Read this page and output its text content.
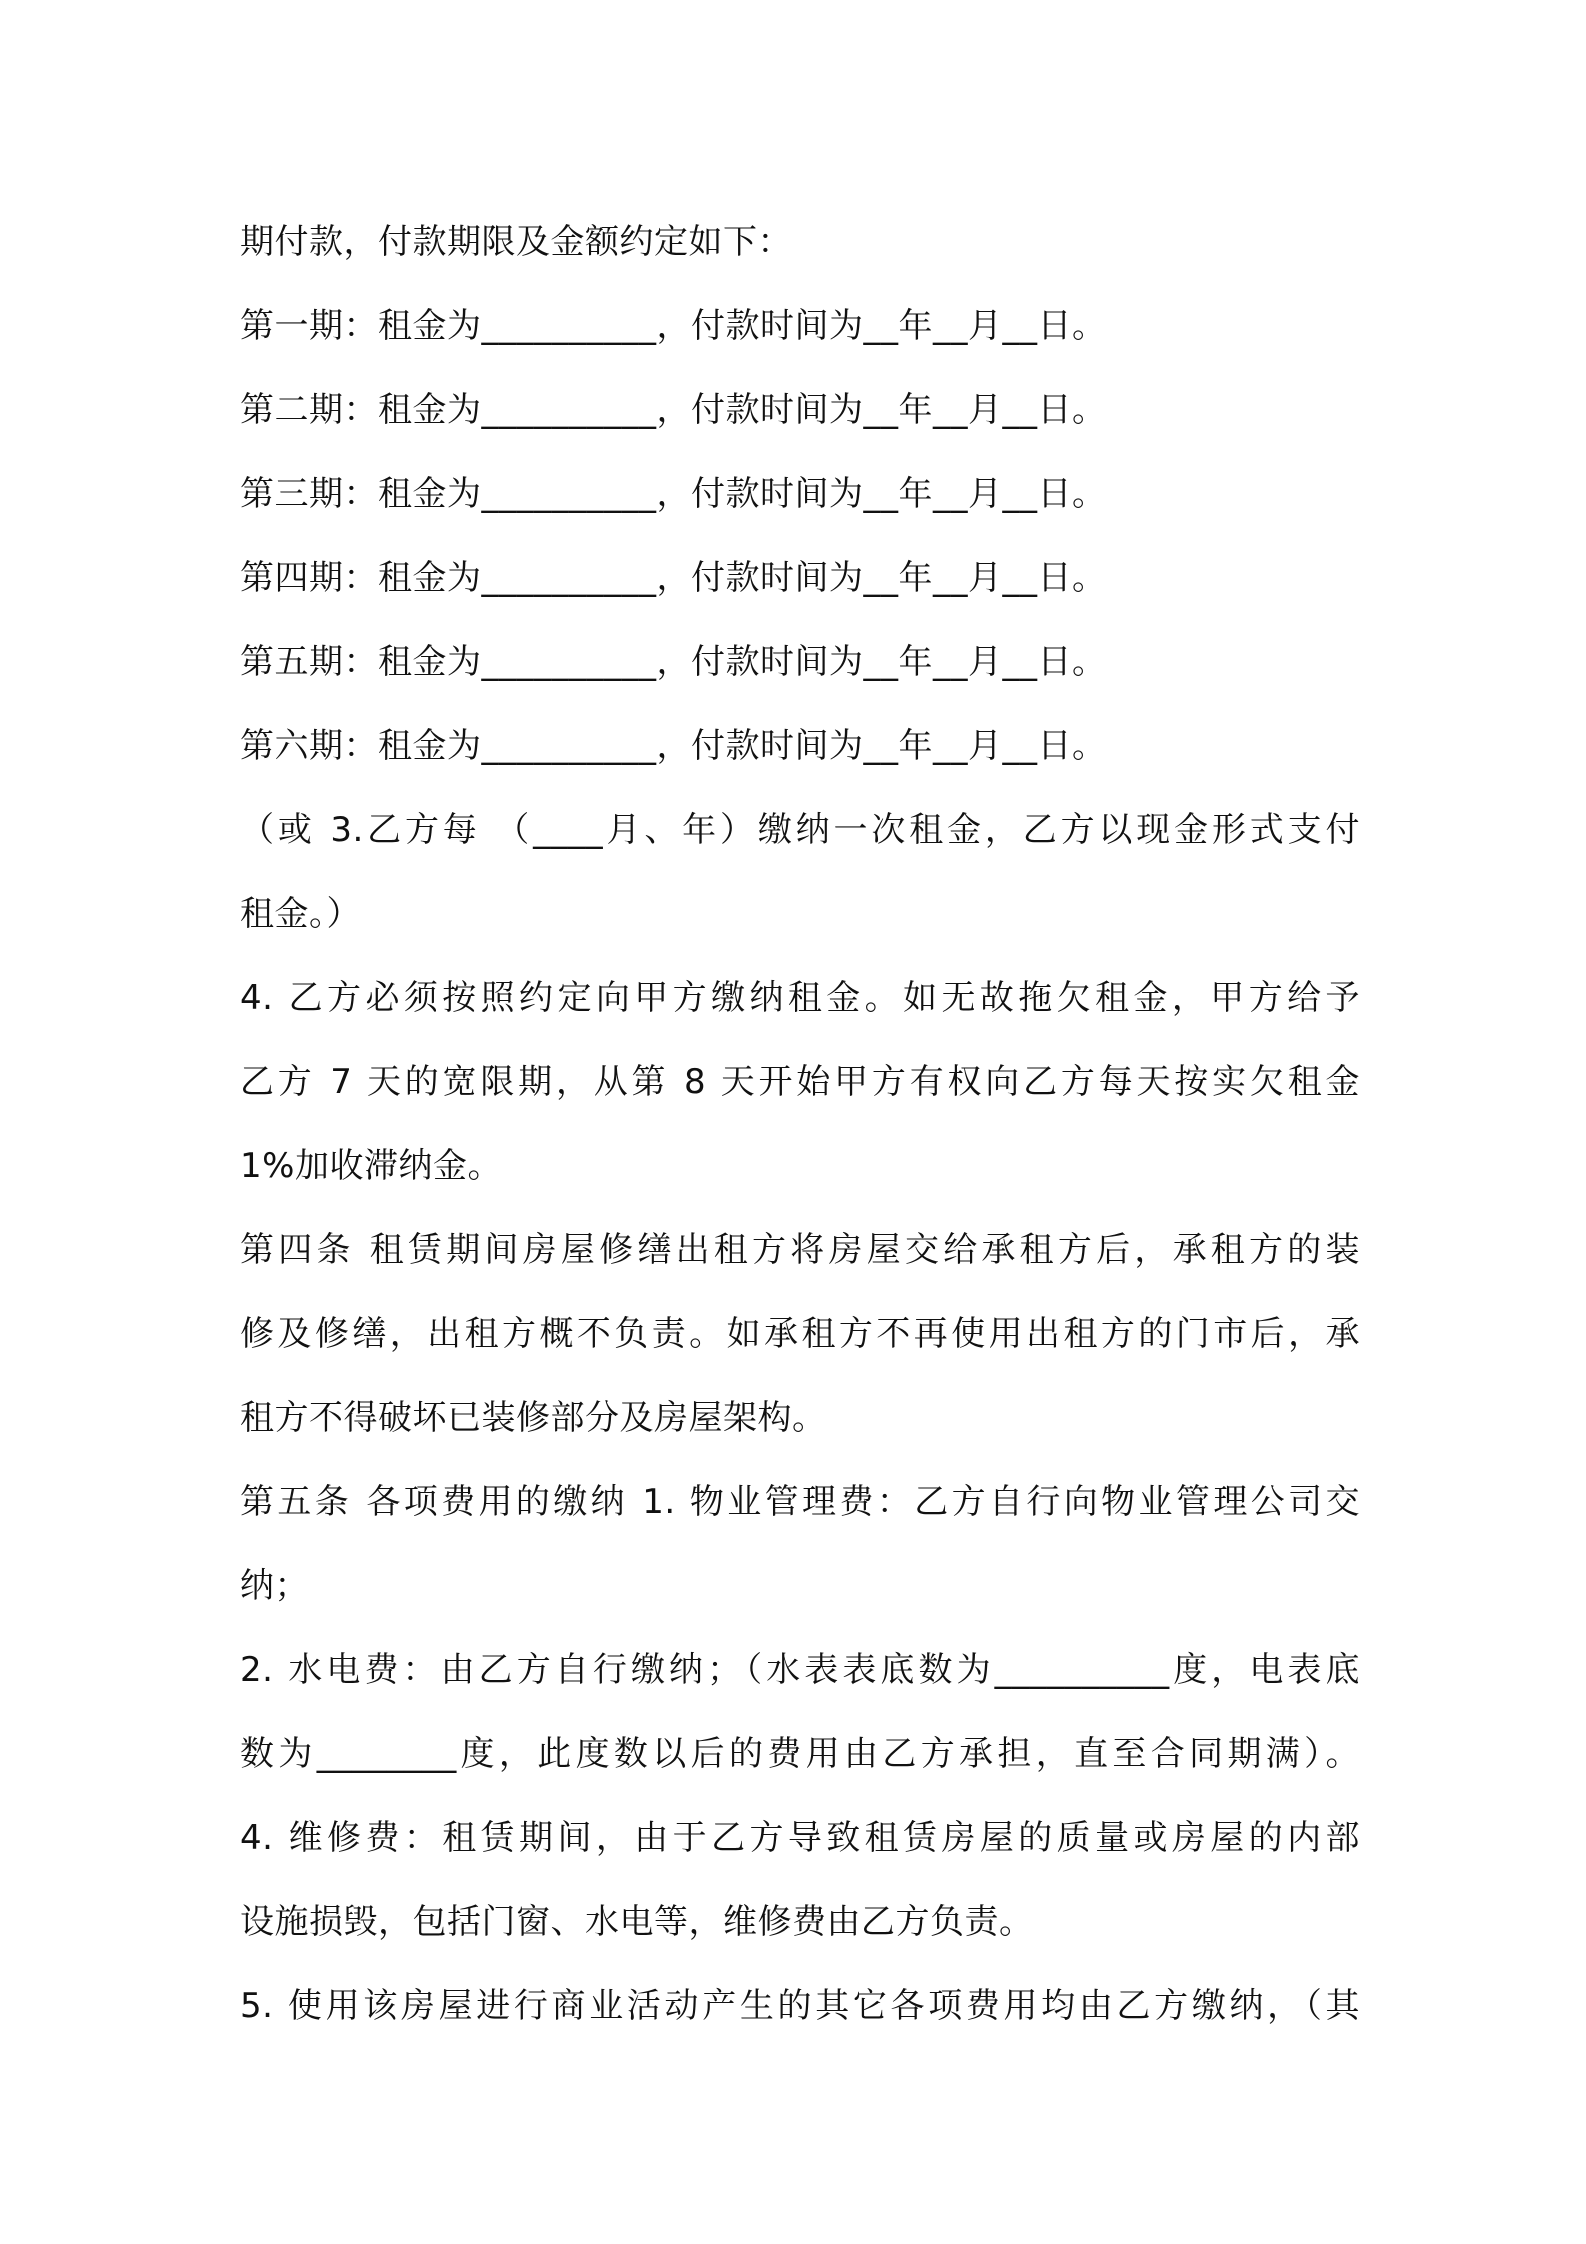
期付款，付款期限及金额约定如下：
第一期：租金为__________，付款时间为__年__月__日。
第二期：租金为__________，付款时间为__年__月__日。
第三期：租金为__________，付款时间为__年__月__日。
第四期：租金为__________，付款时间为__年__月__日。
第五期：租金为__________，付款时间为__年__月__日。
第六期：租金为__________，付款时间为__年__月__日。
（或 3.乙方每 （____月、年）缴纳一次租金，乙方以现金形式支付
租金。）
4. 乙方必须按照约定向甲方缴纳租金。如无故拖欠租金，甲方给予
乙方 7 天的宽限期，从第 8 天开始甲方有权向乙方每天按实欠租金
1%加收滞纳金。
第四条 租赁期间房屋修缮出租方将房屋交给承租方后，承租方的装
修及修缮，出租方概不负责。如承租方不再使用出租方的门市后，承
租方不得破坏已装修部分及房屋架构。
第五条 各项费用的缴纳 1. 物业管理费：乙方自行向物业管理公司交
纳；
2. 水电费：由乙方自行缴纳；（水表表底数为__________度，电表底
数为________度，此度数以后的费用由乙方承担，直至合同期满）。
4. 维修费：租赁期间，由于乙方导致租赁房屋的质量或房屋的内部
设施损毁，包括门窗、水电等，维修费由乙方负责。
5. 使用该房屋进行商业活动产生的其它各项费用均由乙方缴纳，（其
